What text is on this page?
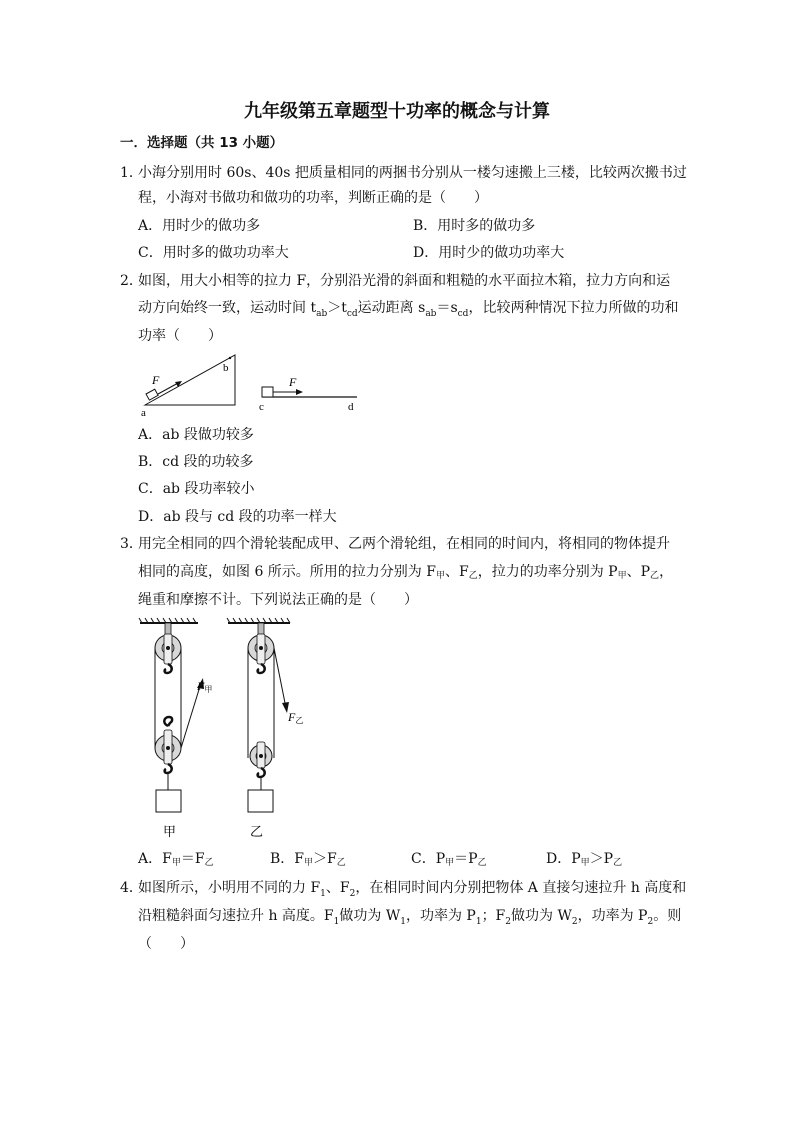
九年级第五章题型十功率的概念与计算
一．选择题（共 13 小题）
1．
小海分别用时 60s、40s 把质量相同的两捆书分别从一楼匀速搬上三楼，比较两次搬书过
程，小海对书做功和做功的功率，判断正确的是（　　）
A．用时少的做功多	B．用时多的做功多
C．用时多的做功功率大	D．用时少的做功功率大
2．
如图，用大小相等的拉力 F，分别沿光滑的斜面和粗糙的水平面拉木箱，拉力方向和运
动方向始终一致，运动时间 $t_{ab}>t_{cd}$运动距离 $s_{ab}=s_{cd}$，比较两种情况下拉力所做的功和
功率（　　）
F
a
b
F
c	d
A．ab 段做功较多
B．cd 段的功较多
C．ab 段功率较小
D．ab 段与 cd 段的功率一样大
3．
用完全相同的四个滑轮装配成甲、乙两个滑轮组，在相同的时间内，将相同的物体提升
相同的高度，如图 6 所示。所用的拉力分别为 F甲、F乙，拉力的功率分别为 P甲、P乙，
绳重和摩擦不计。下列说法正确的是（　　）
F甲
甲
F乙
乙
A．F甲＝F乙	B．F甲＞F乙	C．P甲＝P乙	D．P甲＞P乙
4．
如图所示，小明用不同的力 $F_1$、$F_2$，在相同时间内分别把物体 A 直接匀速拉升 h 高度和
沿粗糙斜面匀速拉升 h 高度。$F_1$做功为 $W_1$，功率为 $P_1$；$F_2$做功为 $W_2$，功率为 $P_2$。则
（　　）
